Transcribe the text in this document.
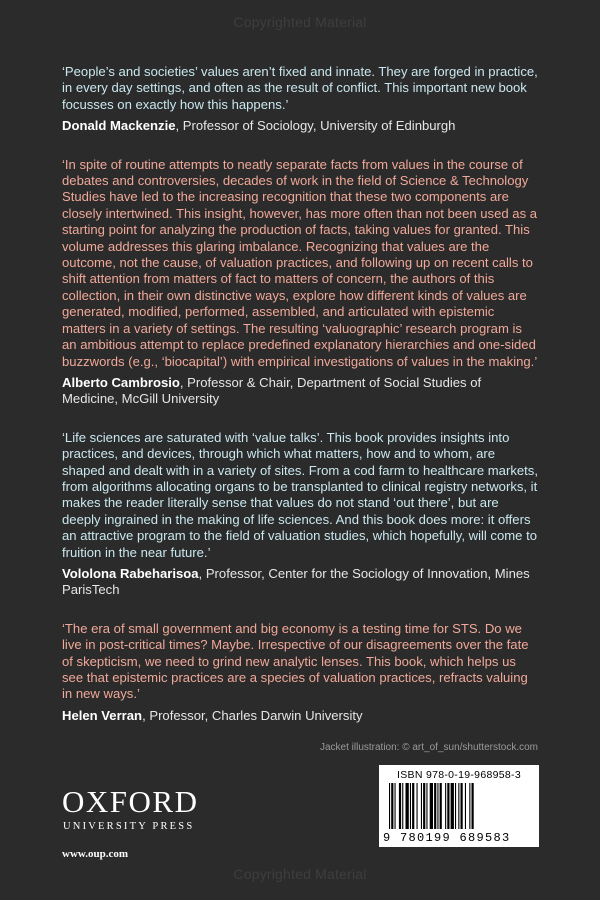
Copyrighted Material

‘People’s and societies’ values aren’t fixed and innate. They are forged in practice, in every day settings, and often as the result of conflict. This important new book focusses on exactly how this happens.’

Donald Mackenzie, Professor of Sociology, University of Edinburgh

‘In spite of routine attempts to neatly separate facts from values in the course of debates and controversies, decades of work in the field of Science & Technology Studies have led to the increasing recognition that these two components are closely intertwined. This insight, however, has more often than not been used as a starting point for analyzing the production of facts, taking values for granted. This volume addresses this glaring imbalance. Recognizing that values are the outcome, not the cause, of valuation practices, and following up on recent calls to shift attention from matters of fact to matters of concern, the authors of this collection, in their own distinctive ways, explore how different kinds of values are generated, modified, performed, assembled, and articulated with epistemic matters in a variety of settings. The resulting ‘valuographic’ research program is an ambitious attempt to replace predefined explanatory hierarchies and one-sided buzzwords (e.g., ‘biocapital’) with empirical investigations of values in the making.’

Alberto Cambrosio, Professor & Chair, Department of Social Studies of Medicine, McGill University

‘Life sciences are saturated with ‘value talks’. This book provides insights into practices, and devices, through which what matters, how and to whom, are shaped and dealt with in a variety of sites. From a cod farm to healthcare markets, from algorithms allocating organs to be transplanted to clinical registry networks, it makes the reader literally sense that values do not stand ‘out there’, but are deeply ingrained in the making of life sciences. And this book does more: it offers an attractive program to the field of valuation studies, which hopefully, will come to fruition in the near future.’

Vololona Rabeharisoa, Professor, Center for the Sociology of Innovation, Mines ParisTech

‘The era of small government and big economy is a testing time for STS. Do we live in post-critical times? Maybe. Irrespective of our disagreements over the fate of skepticism, we need to grind new analytic lenses. This book, which helps us see that epistemic practices are a species of valuation practices, refracts valuing in new ways.’

Helen Verran, Professor, Charles Darwin University

Jacket illustration: © art_of_sun/shutterstock.com
ISBN 978-0-19-968958-3
9 780199 689583
OXFORD
UNIVERSITY PRESS
www.oup.com
Copyrighted Material
